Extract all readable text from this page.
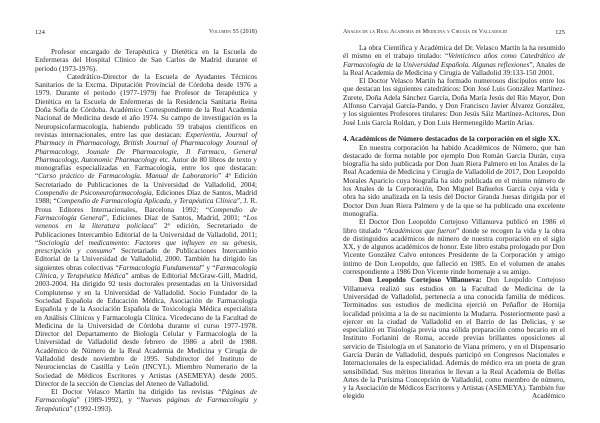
124	Volumen 55 (2018)

Profesor encargado de Terapéutica y Dietética en la Escuela de Enfermeras del Hospital Clínico de San Carlos de Madrid durante el periodo (1973-1976).

Catedrático-Director de la Escuela de Ayudantes Técnicos Sanitarios de la Excma. Diputación Provincial de Córdoba desde 1976 a 1979. Durante el periodo (1977-1979) fue Profesor de Terapéutica y Dietética en la Escuela de Enfermeras de la Residencia Sanitaria Reina Doña Sofía de Córdoba. Académico Correspondiente de la Real Academia Nacional de Medicina desde el año 1974. Su campo de investigación es la Neuropsicofarmacología, habiendo publicado 59 trabajos científicos en revistas internacionales, entre las que destacan: Experientia, Journal of Pharmacy in Pharmacology, British Journal of Pharmacology Journal of Pharmacology, Jounale De Pharmacologie, Il Farmaco, General Pharmacology, Autonomic Pharmacology etc. Autor de 80 libros de texto y monografías especializadas en Farmacología, entre los que destacan: “Curso práctico de Farmacología. Manual de Laboratorio” 4ª Edición Secretariado de Publicaciones de la Universidad de Valladolid, 2004; Compendio de Psiconeurofarmacología, Ediciones Díaz de Santos, Madrid 1988; “Compendio de Farmacología Aplicada, y Terapéutica Clínica”, J. R. Prous Editores Internacionales, Barcelona 1992; “Compendio de Farmacología General”, Ediciones Díaz de Santos, Madrid, 2001; “Los venenos en la literatura policíaca” 2ª edición, Secretariado de Publicaciones Intercambio Editorial de la Universidad de Valladolid, 2011; “Sociología del medicamento: Factores que influyen en su génesis, prescripción y consumo” Secretariado de Publicaciones Intercambio Editorial de la Universidad de Valladolid, 2000. También ha dirigido las siguientes obras colectivas “Farmacología Fundamental” y “Farmacología Clínica, y Terapéutica Médica” ambas de Editorial McGraw-Gill, Madrid, 2003-2004. Ha dirigido 92 tesis doctorales presentadas en la Universidad Complutense y en la Universidad de Valladolid. Socio Fundador de la Sociedad Española de Educación Médica, Asociación de Farmacología Española y de la Asociación Española de Toxicología Médica especialista en Análisis Clínicos y Farmacología Clínica. Vicedecano de la Facultad de Medicina de la Universidad de Córdoba durante el curso 1977-1978. Director del Departamento de Biología Celular y Farmacología de la Universidad de Valladolid desde febrero de 1986 a abril de 1988. Académico de Número de la Real Academia de Medicina y Cirugía de Valladolid desde noviembre de 1995. Subdirector del Instituto de Neurociencias de Castilla y León (INCYL). Miembro Numerario de la Sociedad de Médicos Escritores y Artistas (ASEMEYA) desde 2005. Director de la sección de Ciencias del Ateneo de Valladolid.

El Doctor Velasco Martín ha dirigido las revistas “Páginas de Farmacología” (1989-1992), y “Nuevas páginas de Farmacología y Terapéutica” (1992-1993).

Anales de la Real Academia de Medicina y Cirugía de Valladolid	125

La obra Científica y Académica del Dr. Velasco Martín la ha resumido él mismo en el trabajo titulado: “Veinticinco años como Catedrático de Farmacología de la Universidad Española. Algunas reflexiones”, Anales de la Real Academia de Medicina y Cirugía de Valladolid 39:133-150 2001.

El Doctor Velasco Martín ha formado numerosos discípulos entre los que destacan los siguientes catedráticos: Don José Luis González Martínez-Zurete, Doña Adela Sánchez García, Doña María Jesús del Río Mayor, Don Alfonso Carvajal García-Pando, y Don Francisco Javier Álvarez González, y los siguientes Profesores titulares: Don Jesús Sáiz Martínez-Acitores, Don José Luis García Roldan, y Don Luis Hermenegildo Martín Arias.

4. Académicos de Número destacados de la corporación en el siglo XX.

En nuestra corporación ha habido Académicos de Número, que han destacado de forma notable por ejemplo Don Román García Durán, cuya biografía ha sido publicada por Don Juan Riera Palmero en los Anales de la Real Academia de Medicina y Cirugía de Valladolid de 2017, Don Leopoldo Morales Aparicio cuya biografía ha sido publicada en el mismo número de los Anales de la Corporación, Don Miguel Bañuelos García cuya vida y obra ha sido analizada en la tesis del Doctor Granda Juesas dirigida por el Doctor Don Juan Riera Palmero y de la que se ha publicado una excelente monografía.

El Doctor Don Leopoldo Cortejoso Villanueva publicó en 1986 el libro titulado “Académicos que fueron” donde se recogen la vida y la obra de distinguidos académicos de número de nuestra corporación en el siglo XX, y de algunos académicos de honor. Este libro estaba prologado por Don Vicente González Calvo entonces Presidente de la Corporación y amigo íntimo de Don Leopoldo, que falleció en 1985. En el volumen de anales correspondiente a 1986 Don Vicente rinde homenaje a su amigo.

Don Leopoldo Cortejoso Villanueva: Don Leopoldo Cortejoso Villanueva realizó sus estudios en la Facultad de Medicina de la Universidad de Valladolid, pertenecía a una conocida familia de médicos. Terminados sus estudios de medicina ejerció en Peñaflor de Hornija localidad próxima a la de su nacimiento la Mudarra. Posteriormente pasó a ejercer en la ciudad de Valladolid en el Barrio de las Delicias, y se especializó en Tisiología previa una sólida preparación como becario en el Instituto Forlanini de Roma, accede previas brillantes oposiciones al servicio de Tisiología en el Sanatorio de Viana primero, y en el Dispensario García Durán de Valladolid, después participó en Congresos Nacionales e Internacionales de la especialidad. Además de médico era un poeta de gran sensibilidad. Sus méritos literarios le llevan a la Real Academia de Bellas Artes de la Purísima Concepción de Valladolid, como miembro de número, y la Asociación de Médicos Escritores y Artistas (ASEMEYA). También fue elegido Académico
